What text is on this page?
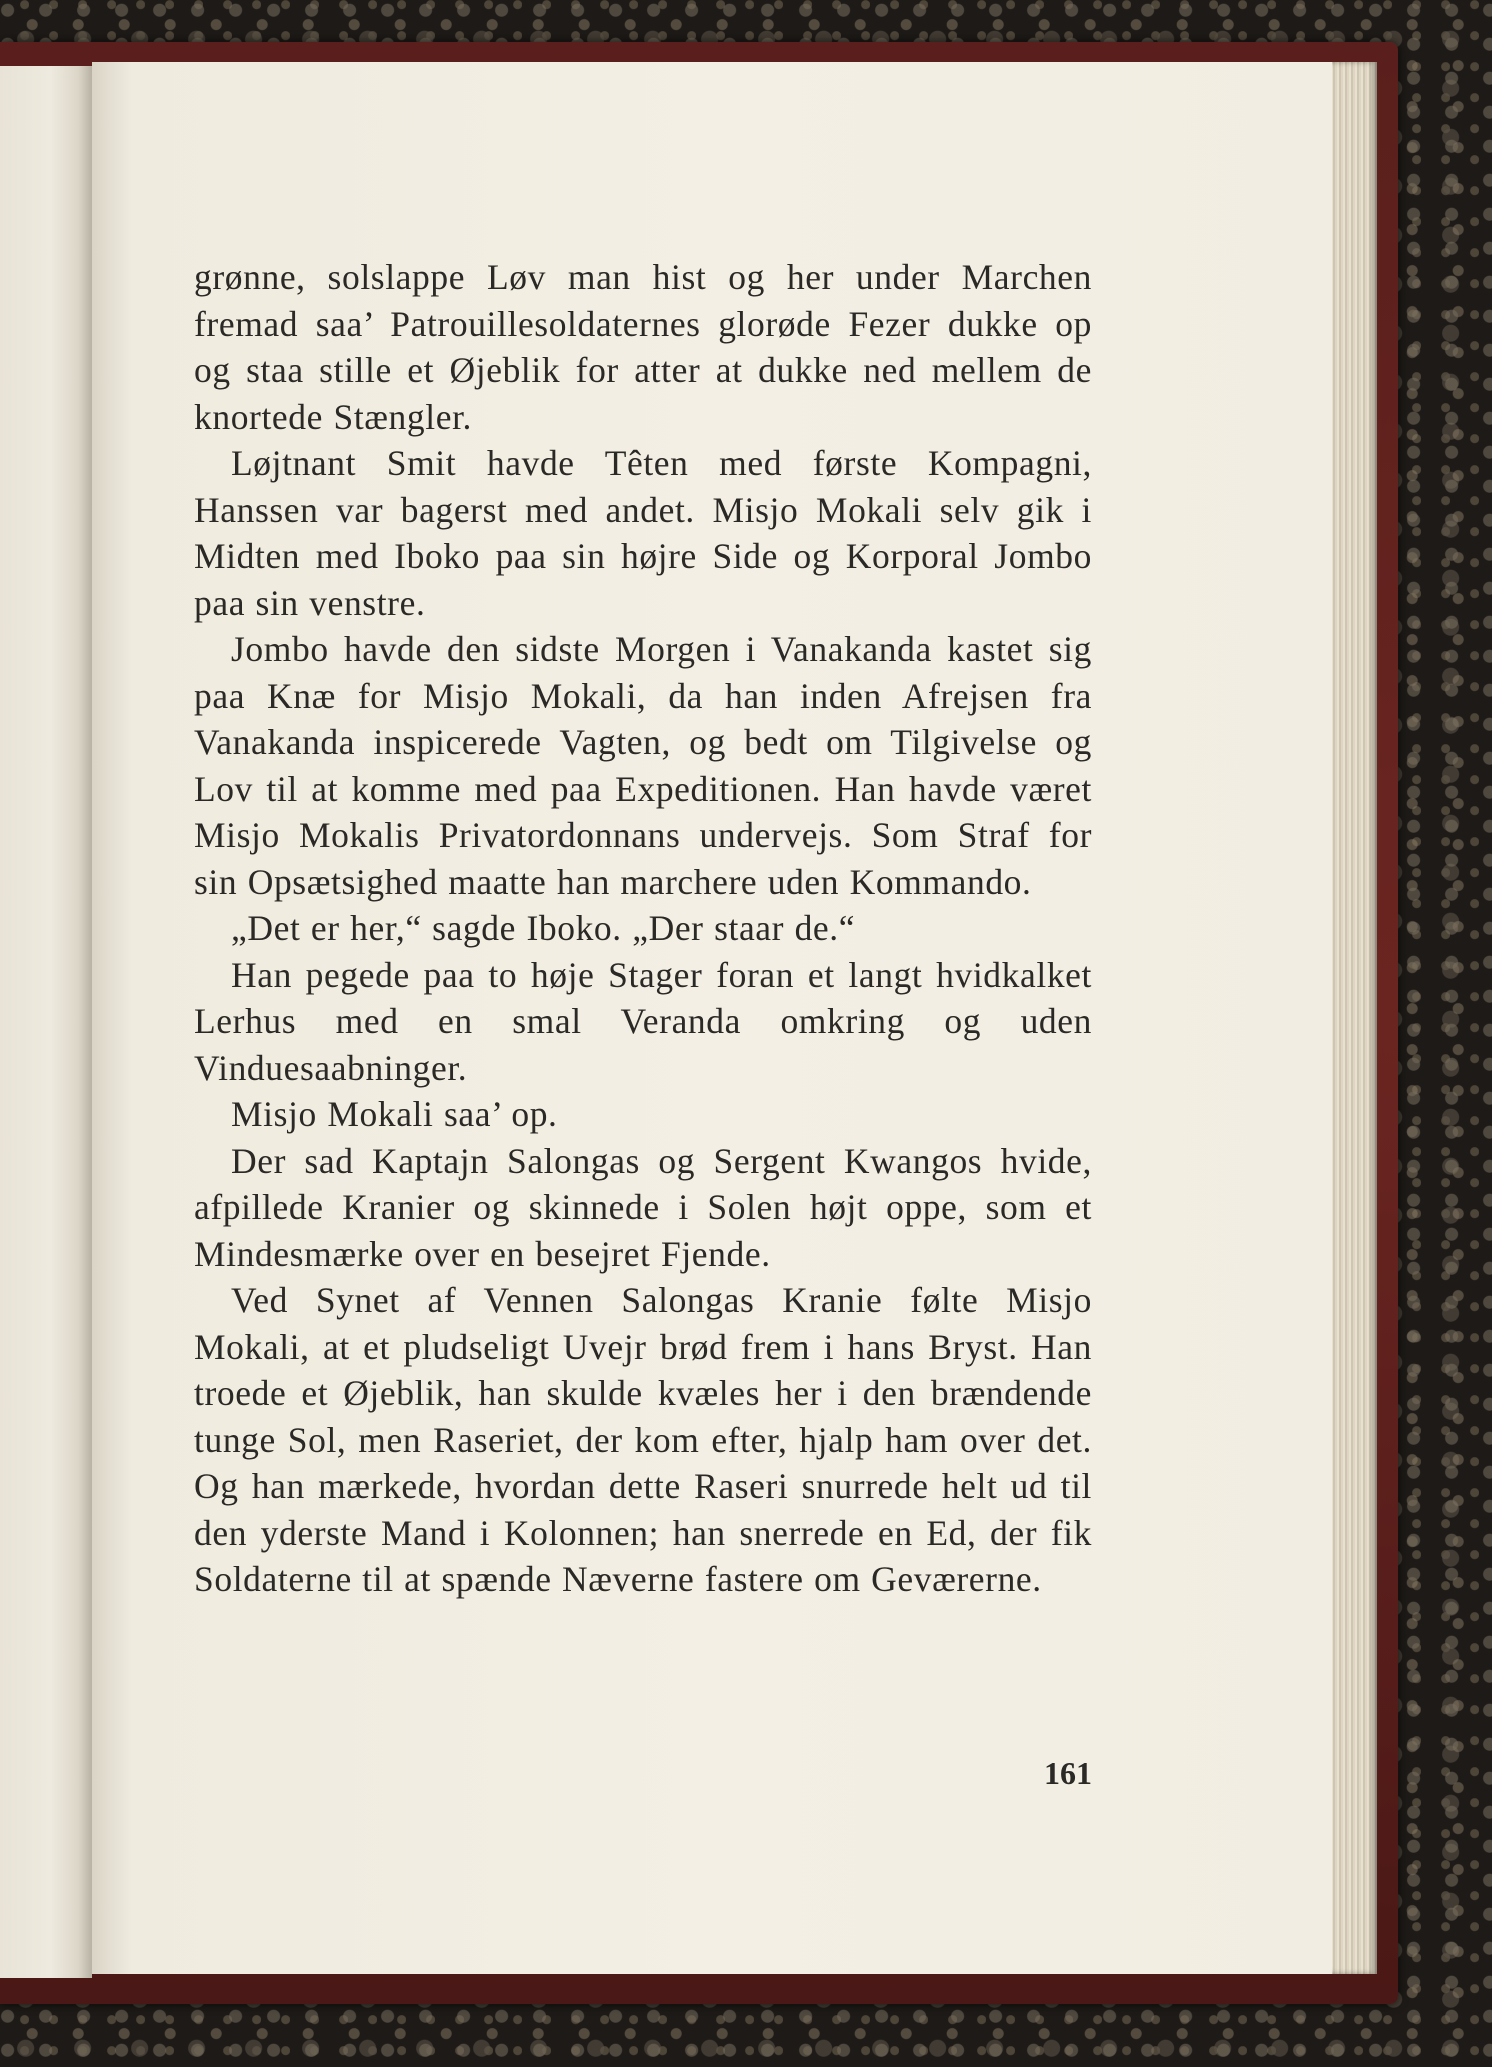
grønne, solslappe Løv man hist og her under Marchen fremad saa’ Patrouillesoldaternes glorøde Fezer dukke op og staa stille et Øjeblik for atter at dukke ned mellem de knortede Stængler.

Løjtnant Smit havde Têten med første Kompagni, Hanssen var bagerst med andet. Misjo Mokali selv gik i Midten med Iboko paa sin højre Side og Korporal Jombo paa sin venstre.

Jombo havde den sidste Morgen i Vanakanda kastet sig paa Knæ for Misjo Mokali, da han inden Afrejsen fra Vanakanda inspicerede Vagten, og bedt om Tilgivelse og Lov til at komme med paa Expeditionen. Han havde været Misjo Mokalis Privatordonnans undervejs. Som Straf for sin Opsætsighed maatte han marchere uden Kommando.

„Det er her,“ sagde Iboko. „Der staar de.“

Han pegede paa to høje Stager foran et langt hvidkalket Lerhus med en smal Veranda omkring og uden Vinduesaabninger.

Misjo Mokali saa’ op.

Der sad Kaptajn Salongas og Sergent Kwangos hvide, afpillede Kranier og skinnede i Solen højt oppe, som et Mindesmærke over en besejret Fjende.

Ved Synet af Vennen Salongas Kranie følte Misjo Mokali, at et pludseligt Uvejr brød frem i hans Bryst. Han troede et Øjeblik, han skulde kvæles her i den brændende tunge Sol, men Raseriet, der kom efter, hjalp ham over det. Og han mærkede, hvordan dette Raseri snurrede helt ud til den yderste Mand i Kolonnen; han snerrede en Ed, der fik Soldaterne til at spænde Næverne fastere om Geværerne.

161
